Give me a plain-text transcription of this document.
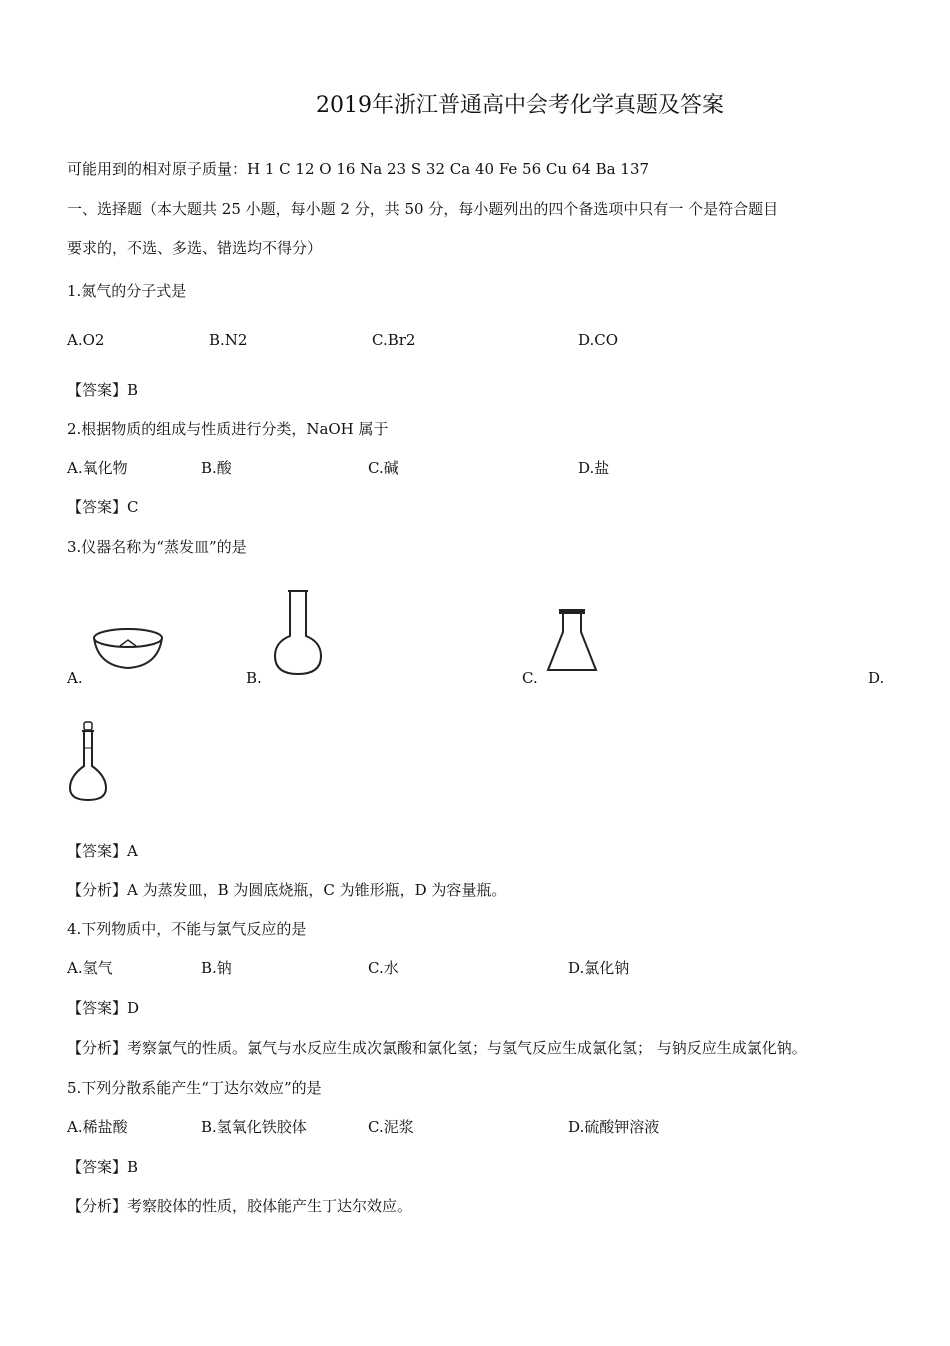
2019年浙江普通高中会考化学真题及答案
可能用到的相对原子质量：H 1 C 12 O 16 Na 23 S 32 Ca 40 Fe 56 Cu 64 Ba 137
一、选择题（本大题共 25 小题，每小题 2 分，共 50 分，每小题列出的四个备选项中只有一 个是符合题目
要求的，不选、多选、错选均不得分）
1.氮气的分子式是
A.O2	B.N2	C.Br2	D.CO
【答案】B
2.根据物质的组成与性质进行分类，NaOH 属于
A.氧化物	B.酸	C.碱	D.盐
【答案】C
3.仪器名称为“蒸发皿”的是
A.	B.	C.	D.
【答案】A
【分析】A 为蒸发皿，B 为圆底烧瓶，C 为锥形瓶，D 为容量瓶。
4.下列物质中，不能与氯气反应的是
A.氢气	B.钠	C.水	D.氯化钠
【答案】D
【分析】考察氯气的性质。氯气与水反应生成次氯酸和氯化氢；与氢气反应生成氯化氢； 与钠反应生成氯化钠。
5.下列分散系能产生“丁达尔效应”的是
A.稀盐酸	B.氢氧化铁胶体	C.泥浆	D.硫酸钾溶液
【答案】B
【分析】考察胶体的性质，胶体能产生丁达尔效应。
